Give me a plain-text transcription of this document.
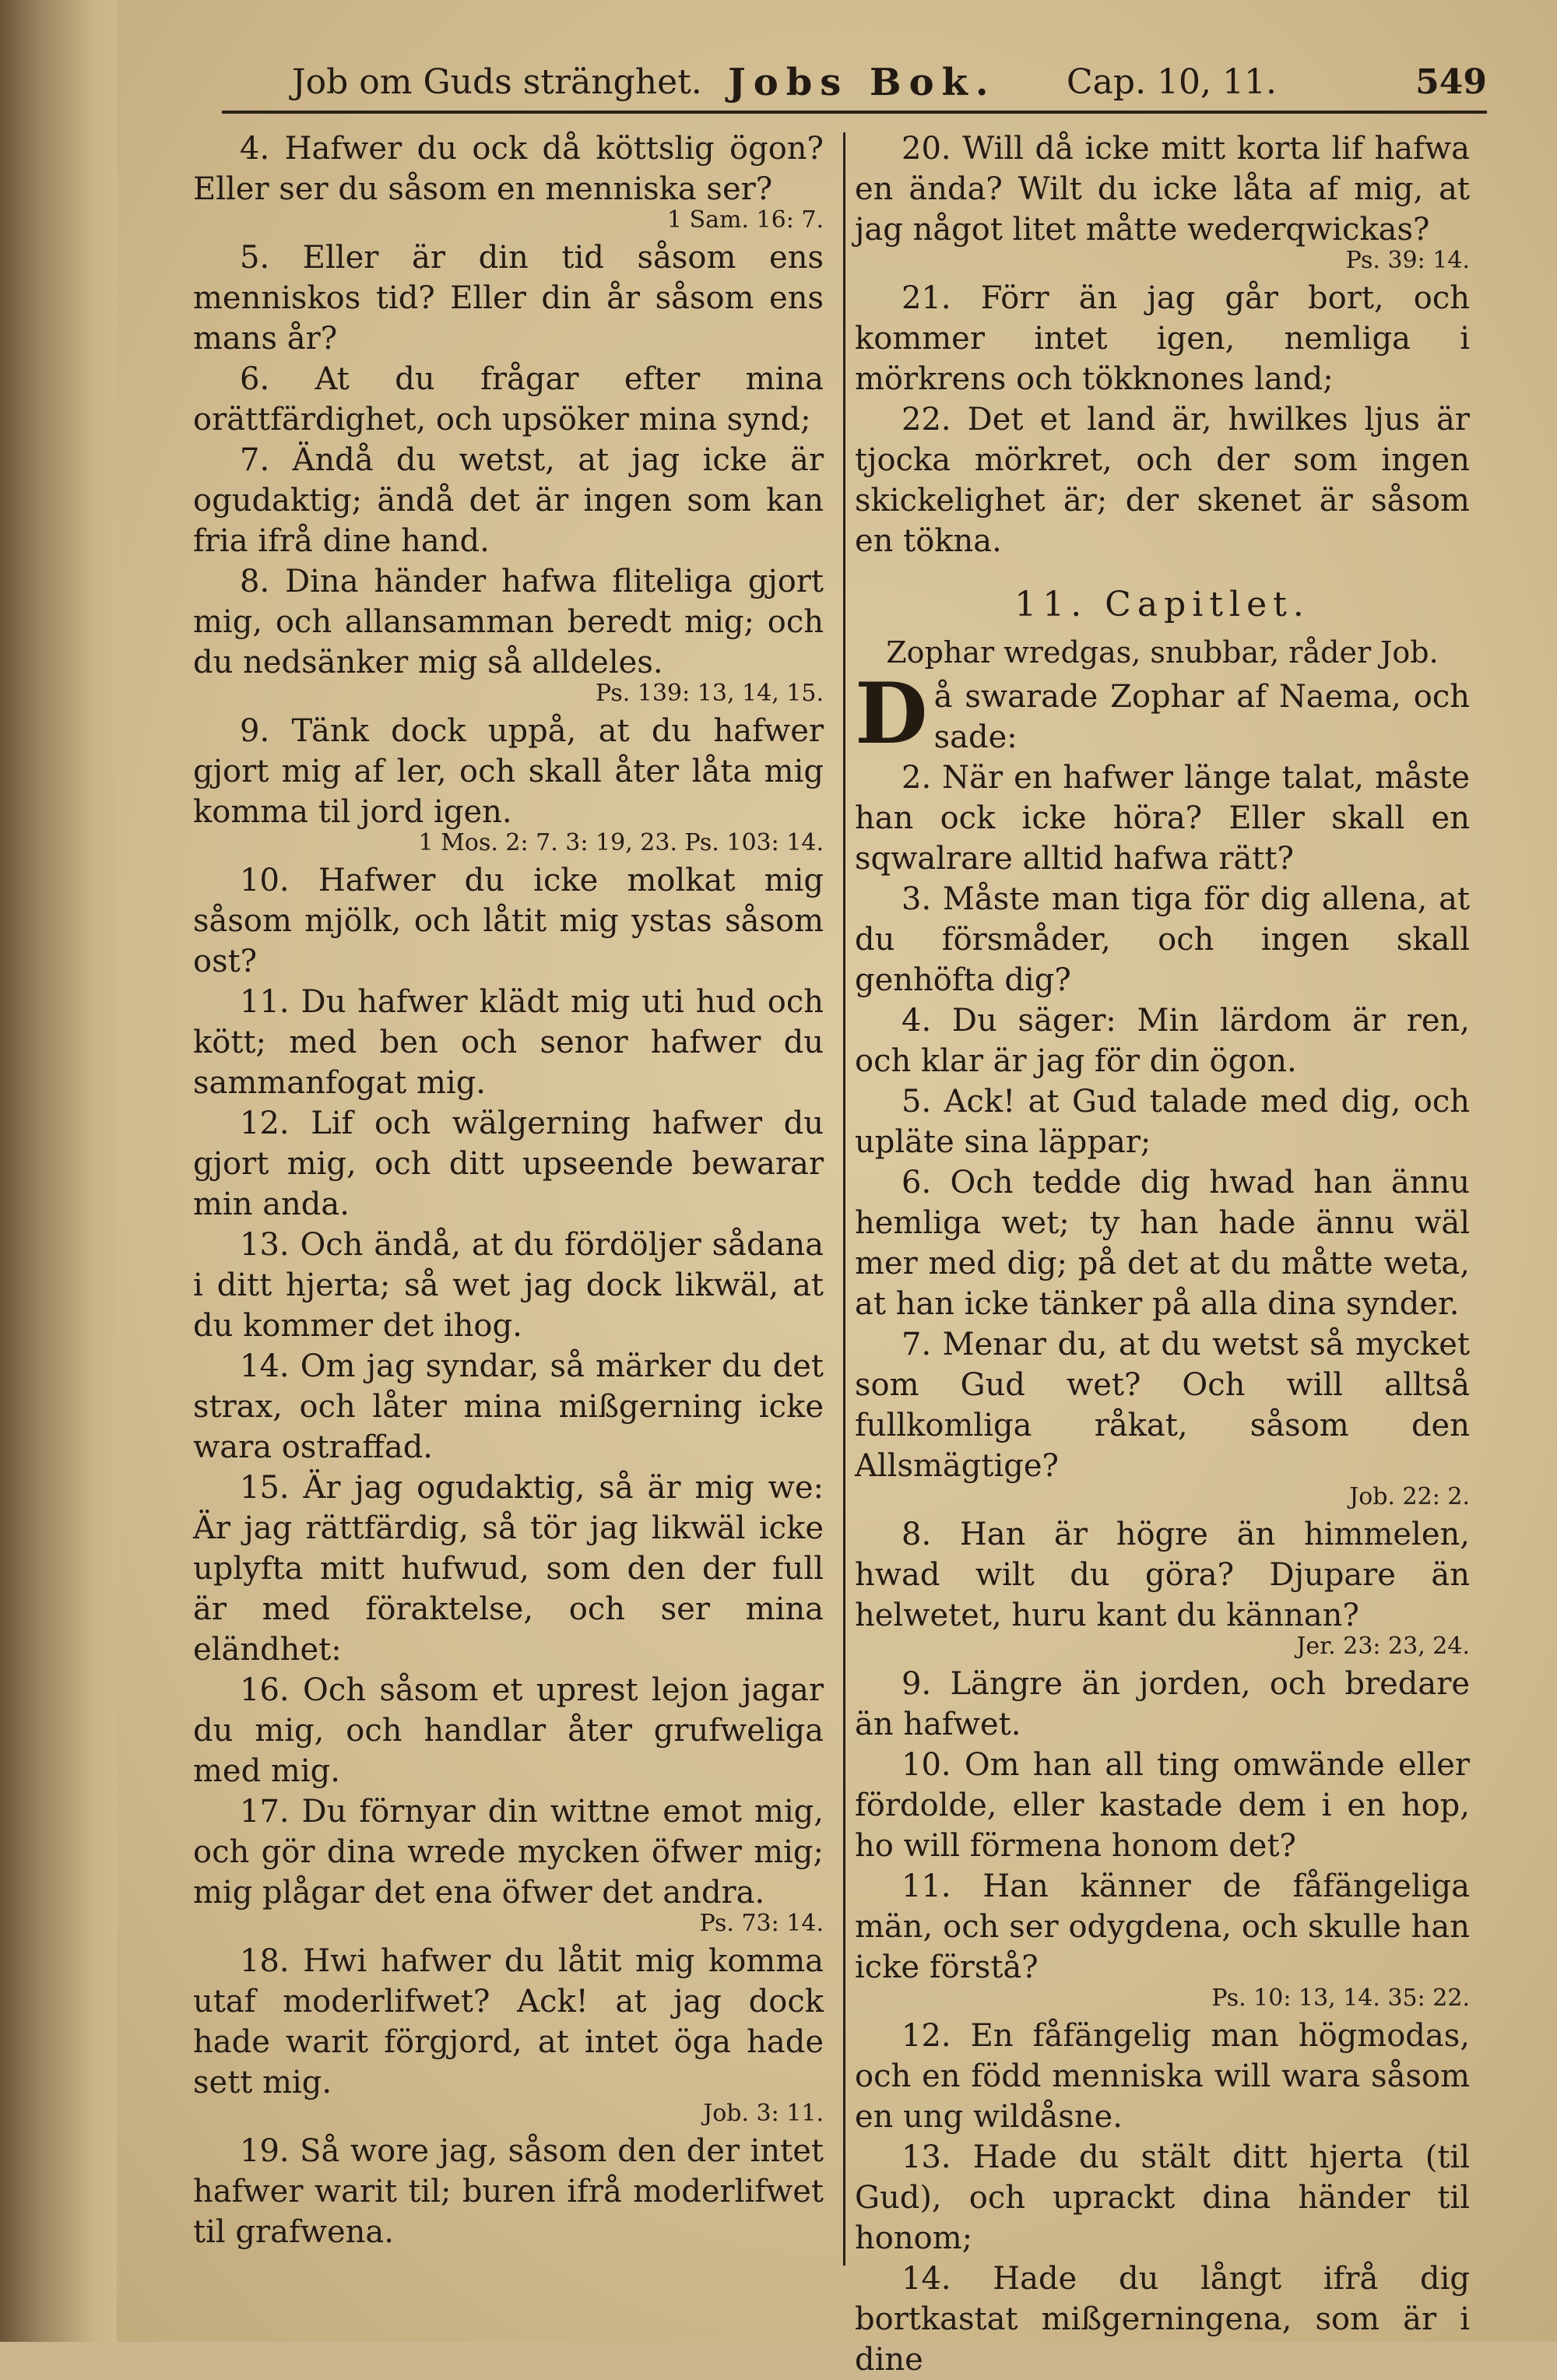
Job om Guds stränghet. Jobs Bok. Cap. 10, 11.	549

4. Hafwer du ock då köttslig ögon? Eller ser du såsom en menniska ser?

1 Sam. 16: 7.

5. Eller är din tid såsom ens menniskos tid? Eller din år såsom ens mans år?

6. At du frågar efter mina orättfärdighet, och upsöker mina synd;

7. Ändå du wetst, at jag icke är ogudaktig; ändå det är ingen som kan fria ifrå dine hand.

8. Dina händer hafwa fliteliga gjort mig, och allansamman beredt mig; och du nedsänker mig så alldeles.

Ps. 139: 13, 14, 15.

9. Tänk dock uppå, at du hafwer gjort mig af ler, och skall åter låta mig komma til jord igen.

1 Mos. 2: 7. 3: 19, 23. Ps. 103: 14.

10. Hafwer du icke molkat mig såsom mjölk, och låtit mig ystas såsom ost?

11. Du hafwer klädt mig uti hud och kött; med ben och senor hafwer du sammanfogat mig.

12. Lif och wälgerning hafwer du gjort mig, och ditt upseende bewarar min anda.

13. Och ändå, at du fördöljer sådana i ditt hjerta; så wet jag dock likwäl, at du kommer det ihog.

14. Om jag syndar, så märker du det strax, och låter mina mißgerning icke wara ostraffad.

15. Är jag ogudaktig, så är mig we: Är jag rättfärdig, så tör jag likwäl icke uplyfta mitt hufwud, som den der full är med föraktelse, och ser mina eländhet:

16. Och såsom et uprest lejon jagar du mig, och handlar åter grufweliga med mig.

17. Du förnyar din wittne emot mig, och gör dina wrede mycken öfwer mig; mig plågar det ena öfwer det andra.

Ps. 73: 14.

18. Hwi hafwer du låtit mig komma utaf moderlifwet? Ack! at jag dock hade warit förgjord, at intet öga hade sett mig.

Job. 3: 11.

19. Så wore jag, såsom den der intet hafwer warit til; buren ifrå moderlifwet til grafwena.

20. Will då icke mitt korta lif hafwa en ända? Wilt du icke låta af mig, at jag något litet måtte wederqwickas?

Ps. 39: 14.

21. Förr än jag går bort, och kommer intet igen, nemliga i mörkrens och tökknones land;

22. Det et land är, hwilkes ljus är tjocka mörkret, och der som ingen skickelighet är; der skenet är såsom en tökna.

11. Capitlet.
Zophar wredgas, snubbar, råder Job.

Då swarade Zophar af Naema, och sade:

2. När en hafwer länge talat, måste han ock icke höra? Eller skall en sqwalrare alltid hafwa rätt?

3. Måste man tiga för dig allena, at du försmåder, och ingen skall genhöfta dig?

4. Du säger: Min lärdom är ren, och klar är jag för din ögon.

5. Ack! at Gud talade med dig, och upläte sina läppar;

6. Och tedde dig hwad han ännu hemliga wet; ty han hade ännu wäl mer med dig; på det at du måtte weta, at han icke tänker på alla dina synder.

7. Menar du, at du wetst så mycket som Gud wet? Och will alltså fullkomliga råkat, såsom den Allsmägtige?

Job. 22: 2.

8. Han är högre än himmelen, hwad wilt du göra? Djupare än helwetet, huru kant du kännan?

Jer. 23: 23, 24.

9. Längre än jorden, och bredare än hafwet.

10. Om han all ting omwände eller fördolde, eller kastade dem i en hop, ho will förmena honom det?

11. Han känner de fåfängeliga män, och ser odygdena, och skulle han icke förstå?

Ps. 10: 13, 14. 35: 22.

12. En fåfängelig man högmodas, och en född menniska will wara såsom en ung wildåsne.

13. Hade du stält ditt hjerta (til Gud), och uprackt dina händer til honom;

14. Hade du långt ifrå dig bortkastat mißgerningena, som är i dine
